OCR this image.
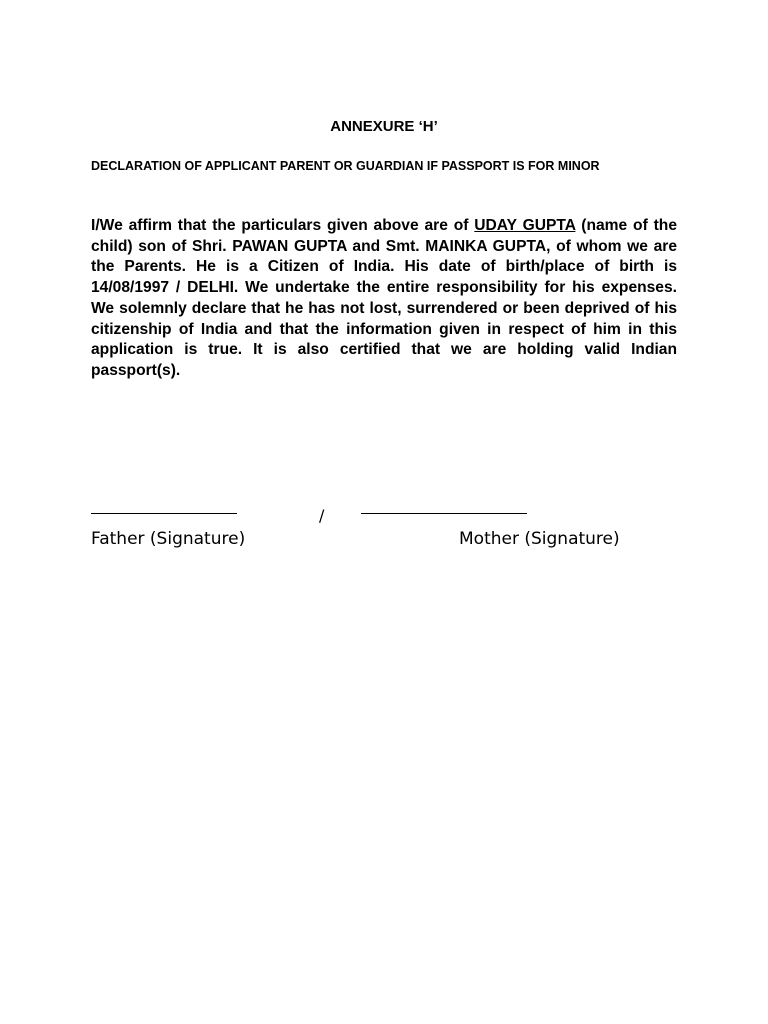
ANNEXURE ‘H’
DECLARATION OF APPLICANT PARENT OR GUARDIAN IF PASSPORT IS FOR MINOR

I/We affirm that the particulars given above are of UDAY GUPTA (name of the child) son of Shri. PAWAN GUPTA and Smt. MAINKA GUPTA, of whom we are the Parents. He is a Citizen of India. His date of birth/place of birth is 14/08/1997 / DELHI. We undertake the entire responsibility for his expenses. We solemnly declare that he has not lost, surrendered or been deprived of his citizenship of India and that the information given in respect of him in this application is true. It is also certified that we are holding valid Indian passport(s).

/
Father (Signature)	Mother (Signature)
